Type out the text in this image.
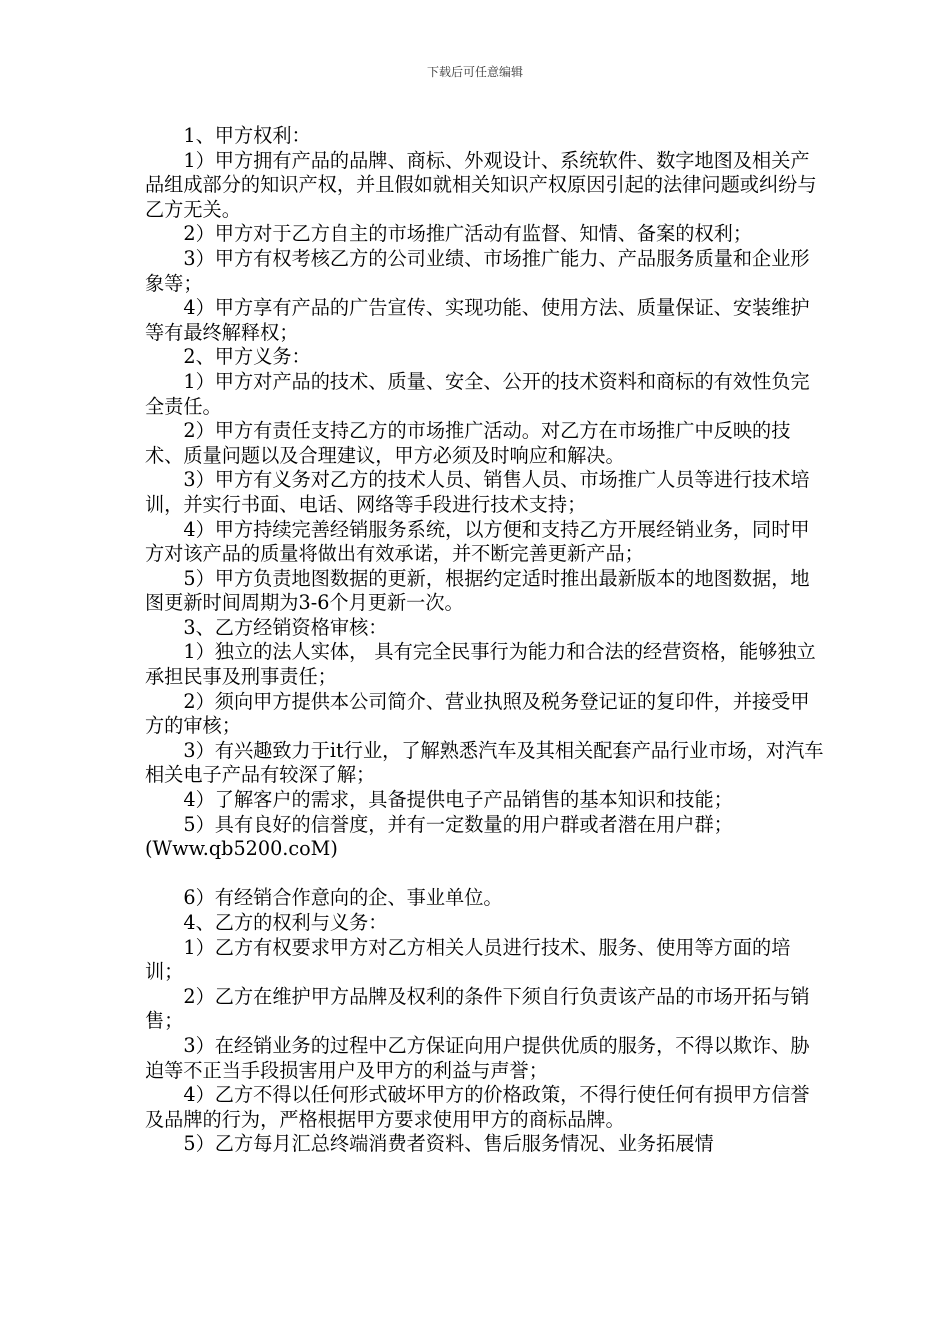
下载后可任意编辑

1、甲方权利：

1）甲方拥有产品的品牌、商标、外观设计、系统软件、数字地图及相关产品组成部分的知识产权，并且假如就相关知识产权原因引起的法律问题或纠纷与乙方无关。

2）甲方对于乙方自主的市场推广活动有监督、知情、备案的权利；

3）甲方有权考核乙方的公司业绩、市场推广能力、产品服务质量和企业形象等；

4）甲方享有产品的广告宣传、实现功能、使用方法、质量保证、安装维护等有最终解释权；

2、甲方义务：

1）甲方对产品的技术、质量、安全、公开的技术资料和商标的有效性负完全责任。

2）甲方有责任支持乙方的市场推广活动。对乙方在市场推广中反映的技术、质量问题以及合理建议，甲方必须及时响应和解决。

3）甲方有义务对乙方的技术人员、销售人员、市场推广人员等进行技术培训，并实行书面、电话、网络等手段进行技术支持；

4）甲方持续完善经销服务系统，以方便和支持乙方开展经销业务，同时甲方对该产品的质量将做出有效承诺，并不断完善更新产品；

5）甲方负责地图数据的更新，根据约定适时推出最新版本的地图数据，地图更新时间周期为3-6个月更新一次。

3、乙方经销资格审核：

1）独立的法人实体， 具有完全民事行为能力和合法的经营资格，能够独立承担民事及刑事责任；

2）须向甲方提供本公司简介、营业执照及税务登记证的复印件，并接受甲方的审核；

3）有兴趣致力于it行业，了解熟悉汽车及其相关配套产品行业市场，对汽车相关电子产品有较深了解；

4）了解客户的需求，具备提供电子产品销售的基本知识和技能；

5）具有良好的信誉度，并有一定数量的用户群或者潜在用户群；

(Www.qb5200.coM)

6）有经销合作意向的企、事业单位。

4、乙方的权利与义务：

1）乙方有权要求甲方对乙方相关人员进行技术、服务、使用等方面的培训；

2）乙方在维护甲方品牌及权利的条件下须自行负责该产品的市场开拓与销售；

3）在经销业务的过程中乙方保证向用户提供优质的服务，不得以欺诈、胁迫等不正当手段损害用户及甲方的利益与声誉；

4）乙方不得以任何形式破坏甲方的价格政策，不得行使任何有损甲方信誉及品牌的行为，严格根据甲方要求使用甲方的商标品牌。

5）乙方每月汇总终端消费者资料、售后服务情况、业务拓展情
